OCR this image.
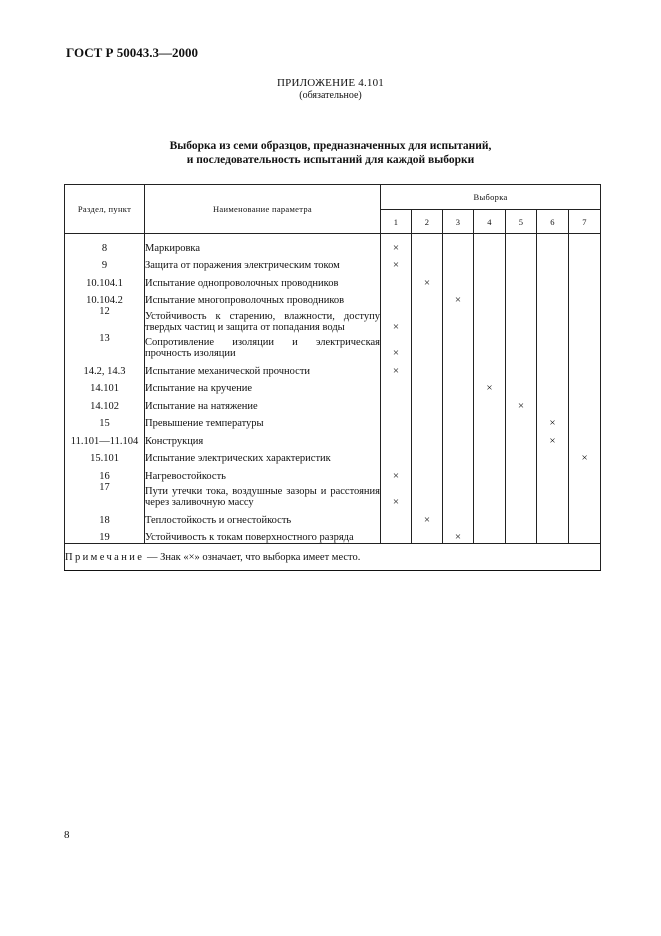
ГОСТ Р 50043.3—2000
ПРИЛОЖЕНИЕ 4.101
(обязательное)
Выборка из семи образцов, предназначенных для испытаний,
и последовательность испытаний для каждой выборки
Раздел, пункт	Наименование параметра	Выборка						
		1	2	3	4	5	6	7
8	Маркировка	×						
9	Защита от поражения электрическим током	×						
10.104.1	Испытание однопроволочных проводников		×					
10.104.2	Испытание многопроволочных проводников			×				
12	Устойчивость к старению, влажности, доступу твердых частиц и защита от попадания воды	×						
13	Сопротивление изоляции и электрическая прочность изоляции	×						
14.2, 14.3	Испытание механической прочности	×						
14.101	Испытание на кручение				×			
14.102	Испытание на натяжение					×		
15	Превышение температуры						×	
11.101—11.104	Конструкция						×	
15.101	Испытание электрических характеристик							×
16	Нагревостойкость	×						
17	Пути утечки тока, воздушные зазоры и расстояния через заливочную массу	×						
18	Теплостойкость и огнестойкость		×					
19	Устойчивость к токам поверхностного разряда			×				
Примечание — Знак «×» означает, что выборка имеет место.								
8
